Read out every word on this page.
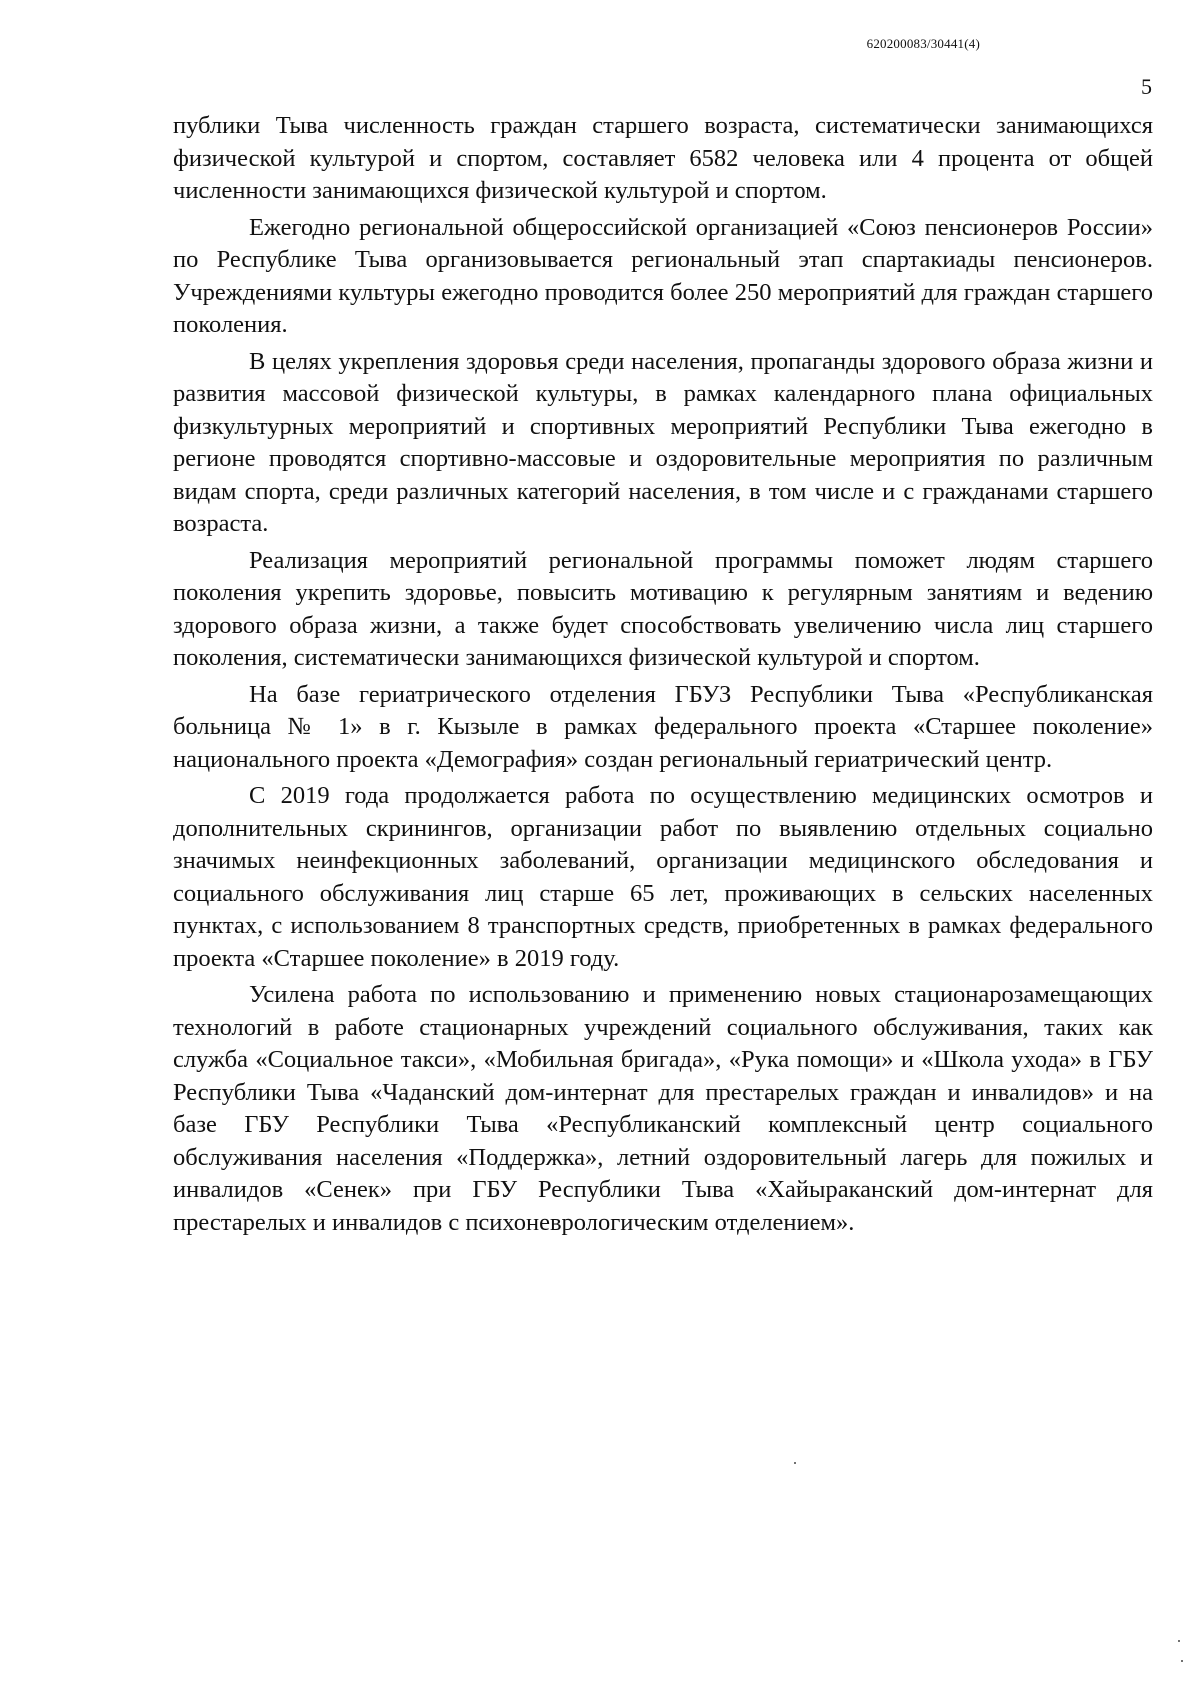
620200083/30441(4)
5

публики Тыва численность граждан старшего возраста, систематически занимающихся физической культурой и спортом, составляет 6582 человека или 4 процента от общей численности занимающихся физической культурой и спортом.

Ежегодно региональной общероссийской организацией «Союз пенсионеров России» по Республике Тыва организовывается региональный этап спартакиады пенсионеров. Учреждениями культуры ежегодно проводится более 250 мероприятий для граждан старшего поколения.

В целях укрепления здоровья среди населения, пропаганды здорового образа жизни и развития массовой физической культуры, в рамках календарного плана официальных физкультурных мероприятий и спортивных мероприятий Республики Тыва ежегодно в регионе проводятся спортивно-массовые и оздоровительные мероприятия по различным видам спорта, среди различных категорий населения, в том числе и с гражданами старшего возраста.

Реализация мероприятий региональной программы поможет людям старшего поколения укрепить здоровье, повысить мотивацию к регулярным занятиям и ведению здорового образа жизни, а также будет способствовать увеличению числа лиц старшего поколения, систематически занимающихся физической культурой и спортом.

На базе гериатрического отделения ГБУЗ Республики Тыва «Республиканская больница № 1» в г. Кызыле в рамках федерального проекта «Старшее поколение» национального проекта «Демография» создан региональный гериатрический центр.

С 2019 года продолжается работа по осуществлению медицинских осмотров и дополнительных скринингов, организации работ по выявлению отдельных социально значимых неинфекционных заболеваний, организации медицинского обследования и социального обслуживания лиц старше 65 лет, проживающих в сельских населенных пунктах, с использованием 8 транспортных средств, приобретенных в рамках федерального проекта «Старшее поколение» в 2019 году.

Усилена работа по использованию и применению новых стационарозамещающих технологий в работе стационарных учреждений социального обслуживания, таких как служба «Социальное такси», «Мобильная бригада», «Рука помощи» и «Школа ухода» в ГБУ Республики Тыва «Чаданский дом-интернат для престарелых граждан и инвалидов» и на базе ГБУ Республики Тыва «Республиканский комплексный центр социального обслуживания населения «Поддержка», летний оздоровительный лагерь для пожилых и инвалидов «Сенек» при ГБУ Республики Тыва «Хайыраканский дом-интернат для престарелых и инвалидов с психоневрологическим отделением».
